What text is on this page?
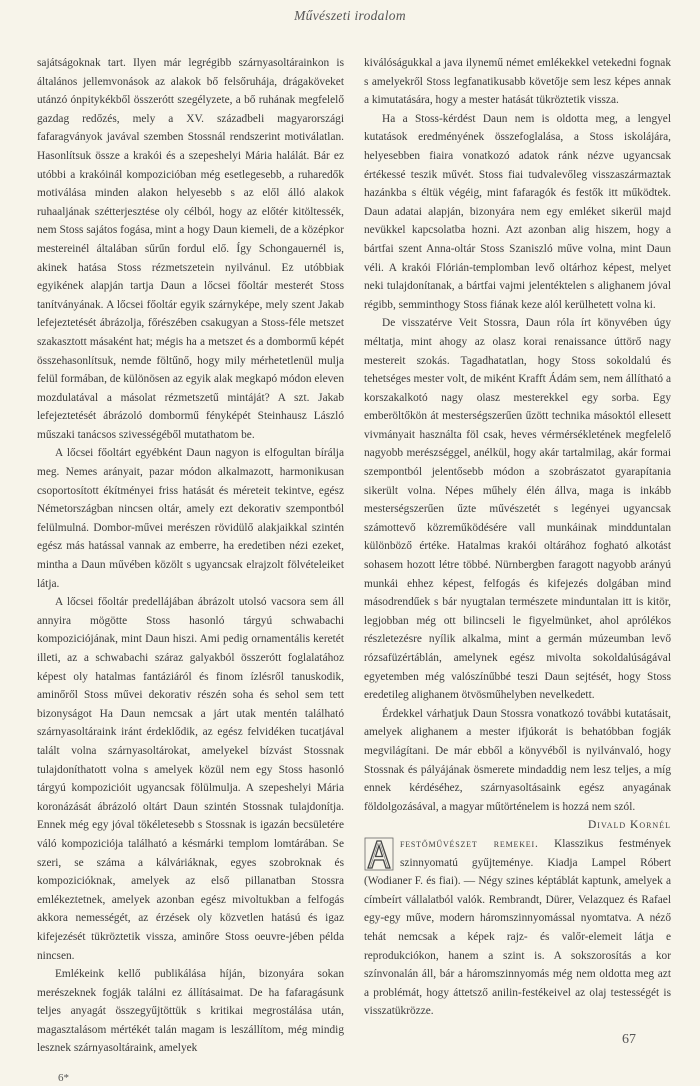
Művészeti irodalom

sajátságoknak tart. Ilyen már legrégibb szárnyasoltárainkon is általános jellemvonások az alakok bő felsőruhája, drágaköveket utánzó ónpitykékből összerótt szegélyzete, a bő ruhának megfelelő gazdag redőzés, mely a XV. századbeli magyarországi fafaragványok javával szemben Stossnál rendszerint motiválatlan. Hasonlítsuk össze a krakói és a szepeshelyi Mária halálát. Bár ez utóbbi a krakóinál kompozicióban még esetlegesebb, a ruharedők motiválása minden alakon helyesebb s az elől álló alakok ruhaaljának szétterjesztése oly célból, hogy az előtér kitöltessék, nem Stoss sajátos fogása, mint a hogy Daun kiemeli, de a középkor mestereinél általában sűrűn fordul elő. Így Schongauernél is, akinek hatása Stoss rézmetszetein nyilvánul. Ez utóbbiak egyikének alapján tartja Daun a lőcsei főoltár mesterét Stoss tanítványának. A lőcsei főoltár egyik szárnyképe, mely szent Jakab lefejeztetését ábrázolja, főrészében csakugyan a Stoss-féle metszet szakasztott másaként hat; mégis ha a metszet és a dombormű képét összehasonlítsuk, nemde föltűnő, hogy mily mérhetetlenül mulja felül formában, de különösen az egyik alak megkapó módon eleven mozdulatával a másolat rézmetszetű mintáját? A szt. Jakab lefejeztetését ábrázoló dombormű fényképét Steinhausz László műszaki tanácsos szivességéből mutathatom be.

A lőcsei főoltárt egyébként Daun nagyon is elfogultan bírálja meg. Nemes arányait, pazar módon alkalmazott, harmonikusan csoportosított ékítményei friss hatását és méreteit tekintve, egész Németországban nincsen oltár, amely ezt dekorativ szempontból felülmulná. Dombor-művei merészen rövidülő alakjaikkal szintén egész más hatással vannak az emberre, ha eredetiben nézi ezeket, mintha a Daun művében közölt s ugyancsak elrajzolt fölvételeiket látja.

A lőcsei főoltár predellájában ábrázolt utolsó vacsora sem áll annyira mögötte Stoss hasonló tárgyú schwabachi kompoziciójának, mint Daun hiszi. Ami pedig ornamentális keretét illeti, az a schwabachi száraz galyakból összerótt foglalatához képest oly hatalmas fantáziáról és finom ízlésről tanuskodik, aminőről Stoss művei dekorativ részén soha és sehol sem tett bizonyságot Ha Daun nemcsak a járt utak mentén található szárnyasoltáraink iránt érdeklődik, az egész felvidéken tucatjával talált volna szárnyasoltárokat, amelyekel bízvást Stossnak tulajdoníthatott volna s amelyek közül nem egy Stoss hasonló tárgyú kompozicióit ugyancsak fölülmulja. A szepeshelyi Mária koronázását ábrázoló oltárt Daun szintén Stossnak tulajdonítja. Ennek még egy jóval tökéletesebb s Stossnak is igazán becsületére váló kompoziciója található a késmárki templom lomtárában. Se szeri, se száma a kálváriáknak, egyes szobroknak és kompozicióknak, amelyek az első pillanatban Stossra emlékeztetnek, amelyek azonban egész mivoltukban a felfogás akkora nemességét, az érzések oly közvetlen hatású és igaz kifejezését tükröztetik vissza, aminőre Stoss oeuvre-jében példa nincsen.

Emlékeink kellő publikálása híján, bizonyára sokan merészeknek fogják találni ez állításaimat. De ha fafaragásunk teljes anyagát összegyűjtöttük s kritikai megrostálása után, magasztalásom mértékét talán magam is leszállítom, még mindig lesznek szárnyasoltáraink, amelyek

6*

kiválóságukkal a java ilynemű német emlékekkel vetekedni fognak s amelyekről Stoss legfanatikusabb követője sem lesz képes annak a kimutatására, hogy a mester hatását tükröztetik vissza.

Ha a Stoss-kérdést Daun nem is oldotta meg, a lengyel kutatások eredményének összefoglalása, a Stoss iskolájára, helyesebben fiaira vonatkozó adatok ránk nézve ugyancsak értékessé teszik művét. Stoss fiai tudvalevőleg visszaszármaztak hazánkba s éltük végéig, mint fafaragók és festők itt működtek. Daun adatai alapján, bizonyára nem egy emléket sikerül majd nevükkel kapcsolatba hozni. Azt azonban alig hiszem, hogy a bártfai szent Anna-oltár Stoss Szaniszló műve volna, mint Daun véli. A krakói Flórián-templomban levő oltárhoz képest, melyet neki tulajdonítanak, a bártfai vajmi jelentéktelen s alighanem jóval régibb, semminthogy Stoss fiának keze alól kerülhetett volna ki.

De visszatérve Veit Stossra, Daun róla írt könyvében úgy méltatja, mint ahogy az olasz korai renaissance úttörő nagy mestereit szokás. Tagadhatatlan, hogy Stoss sokoldalú és tehetséges mester volt, de miként Krafft Ádám sem, nem állítható a korszakalkotó nagy olasz mesterekkel egy sorba. Egy emberöltőkön át mesterségszerűen űzött technika másoktól ellesett vivmányait használta föl csak, heves vérmérsékletének megfelelő nagyobb merészséggel, anélkül, hogy akár tartalmilag, akár formai szempontból jelentősebb módon a szobrászatot gyarapítania sikerült volna. Népes műhely élén állva, maga is inkább mesterségszerűen űzte művészetét s legényei ugyancsak számottevő közreműködésére vall munkáinak mindduntalan különböző értéke. Hatalmas krakói oltárához fogható alkotást sohasem hozott létre többé. Nürnbergben faragott nagyobb arányú munkái ehhez képest, felfogás és kifejezés dolgában mind másodrendűek s bár nyugtalan természete minduntalan itt is kitör, legjobban még ott bilincseli le figyelmünket, ahol aprólékos részletezésre nyílik alkalma, mint a germán múzeumban levő rózsafüzértáblán, amelynek egész mivolta sokoldalúságával egyetemben még valószínűbbé teszi Daun sejtését, hogy Stoss eredetileg alighanem ötvösműhelyben nevelkedett.

Érdekkel várhatjuk Daun Stossra vonatkozó további kutatásait, amelyek alighanem a mester ifjúkorát is behatóbban fogják megvilágítani. De már ebből a könyvéből is nyilvánvaló, hogy Stossnak és pályájának ösmerete mindaddig nem lesz teljes, a míg ennek kérdéséhez, szárnyasoltásaink egész anyagának földolgozásával, a magyar műtörténelem is hozzá nem szól.

Divald Kornél

festőművészet remekei. Klasszikus festmények szinnyomatú gyűjteménye. Kiadja Lampel Róbert (Wodianer F. és fiai). — Négy szines képtáblát kaptunk, amelyek a címbeírt vállalatból valók. Rembrandt, Dürer, Velazquez és Rafael egy-egy műve, modern háromszinnyomással nyomtatva. A néző tehát nemcsak a képek rajz- és valőr-elemeit látja e reprodukciókon, hanem a szint is. A sokszorosítás a kor színvonalán áll, bár a háromszinnyomás még nem oldotta meg azt a problémát, hogy áttetsző anilin-festékeivel az olaj testességét is visszatükrözze.

67
